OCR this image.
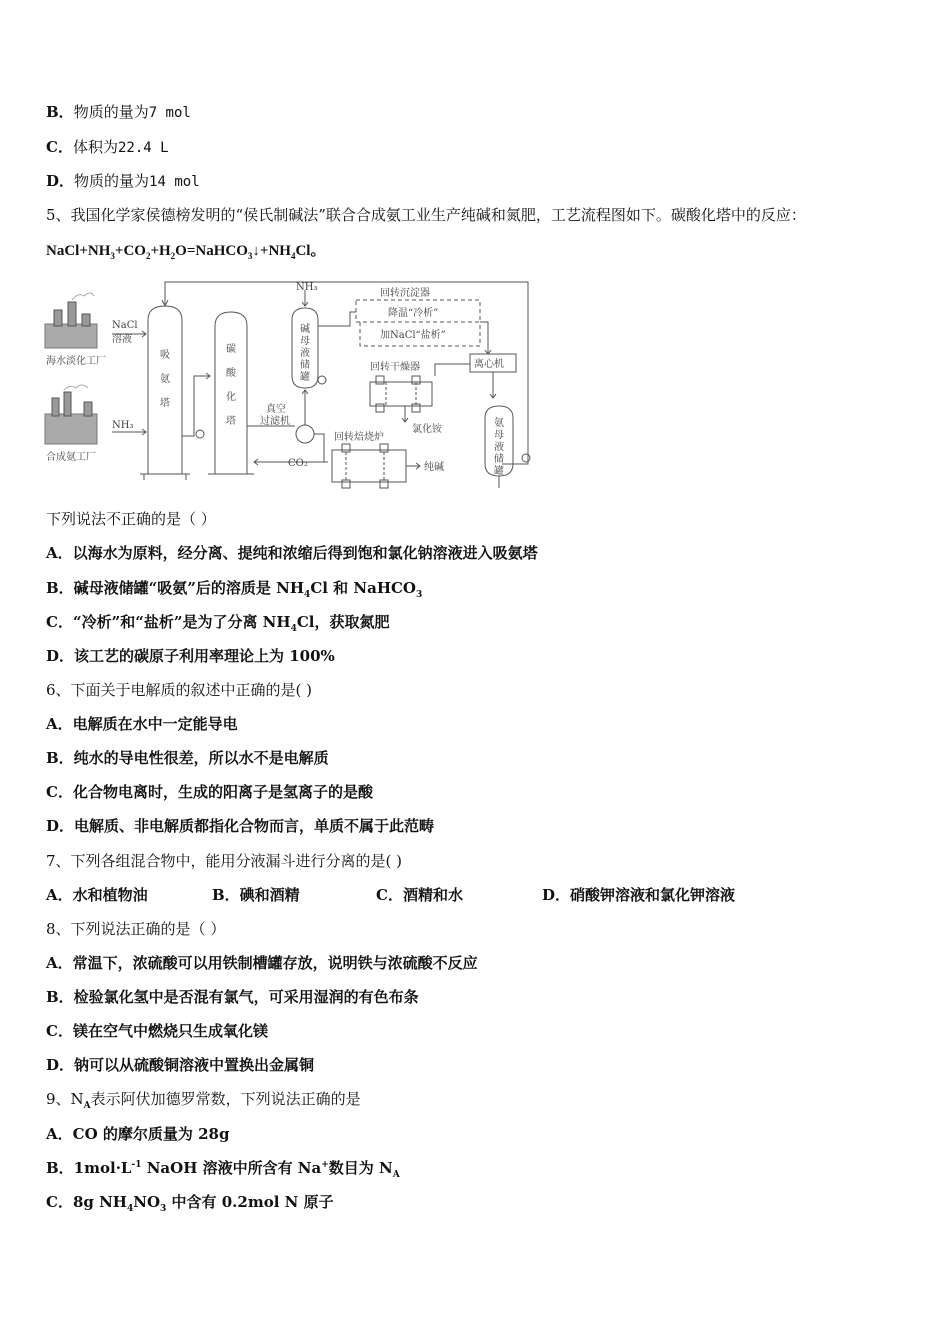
B．物质的量为7 mol
C．体积为22.4 L
D．物质的量为14 mol
5、我国化学家侯德榜发明的“侯氏制碱法”联合合成氨工业生产纯碱和氮肥，工艺流程图如下。碳酸化塔中的反应：
$NaCl+NH_3+CO_2+H_2O=NaHCO_3↓+NH_4Cl$。
海水淡化工厂
合成氨工厂
NaCl
溶液
NH₃
吸
氨
塔
碳
酸
化
塔
真空
过滤机
NH₃
碱
母
液
储
罐
回转沉淀器
降温“冷析”
加NaCl“盐析”
离心机
回转干燥器
氯化铵
回转焙烧炉
CO₂	纯碱
氨
母
液
储
罐
下列说法不正确的是（ ）
A．以海水为原料，经分离、提纯和浓缩后得到饱和氯化钠溶液进入吸氨塔
B．碱母液储罐“吸氨”后的溶质是 $NH_4Cl$ 和 NaHCO$_3$
C．“冷析”和“盐析”是为了分离 $NH_4Cl$，获取氮肥
D．该工艺的碳原子利用率理论上为 100%
6、下面关于电解质的叙述中正确的是( )
A．电解质在水中一定能导电
B．纯水的导电性很差，所以水不是电解质
C．化合物电离时，生成的阳离子是氢离子的是酸
D．电解质、非电解质都指化合物而言，单质不属于此范畴
7、下列各组混合物中，能用分液漏斗进行分离的是( )
A．水和植物油	B．碘和酒精	C．酒精和水	D．硝酸钾溶液和氯化钾溶液
8、下列说法正确的是（ ）
A．常温下，浓硫酸可以用铁制槽罐存放，说明铁与浓硫酸不反应
B．检验氯化氢中是否混有氯气，可采用湿润的有色布条
C．镁在空气中燃烧只生成氧化镁
D．钠可以从硫酸铜溶液中置换出金属铜
9、$N_A$表示阿伏加德罗常数，下列说法正确的是
A．CO 的摩尔质量为 28g
B．$1mol\cdot L^{-1}$ NaOH 溶液中所含有 Na+数目为 $N_A$
C．8g $NH_4NO_3$ 中含有 0.2mol N 原子
